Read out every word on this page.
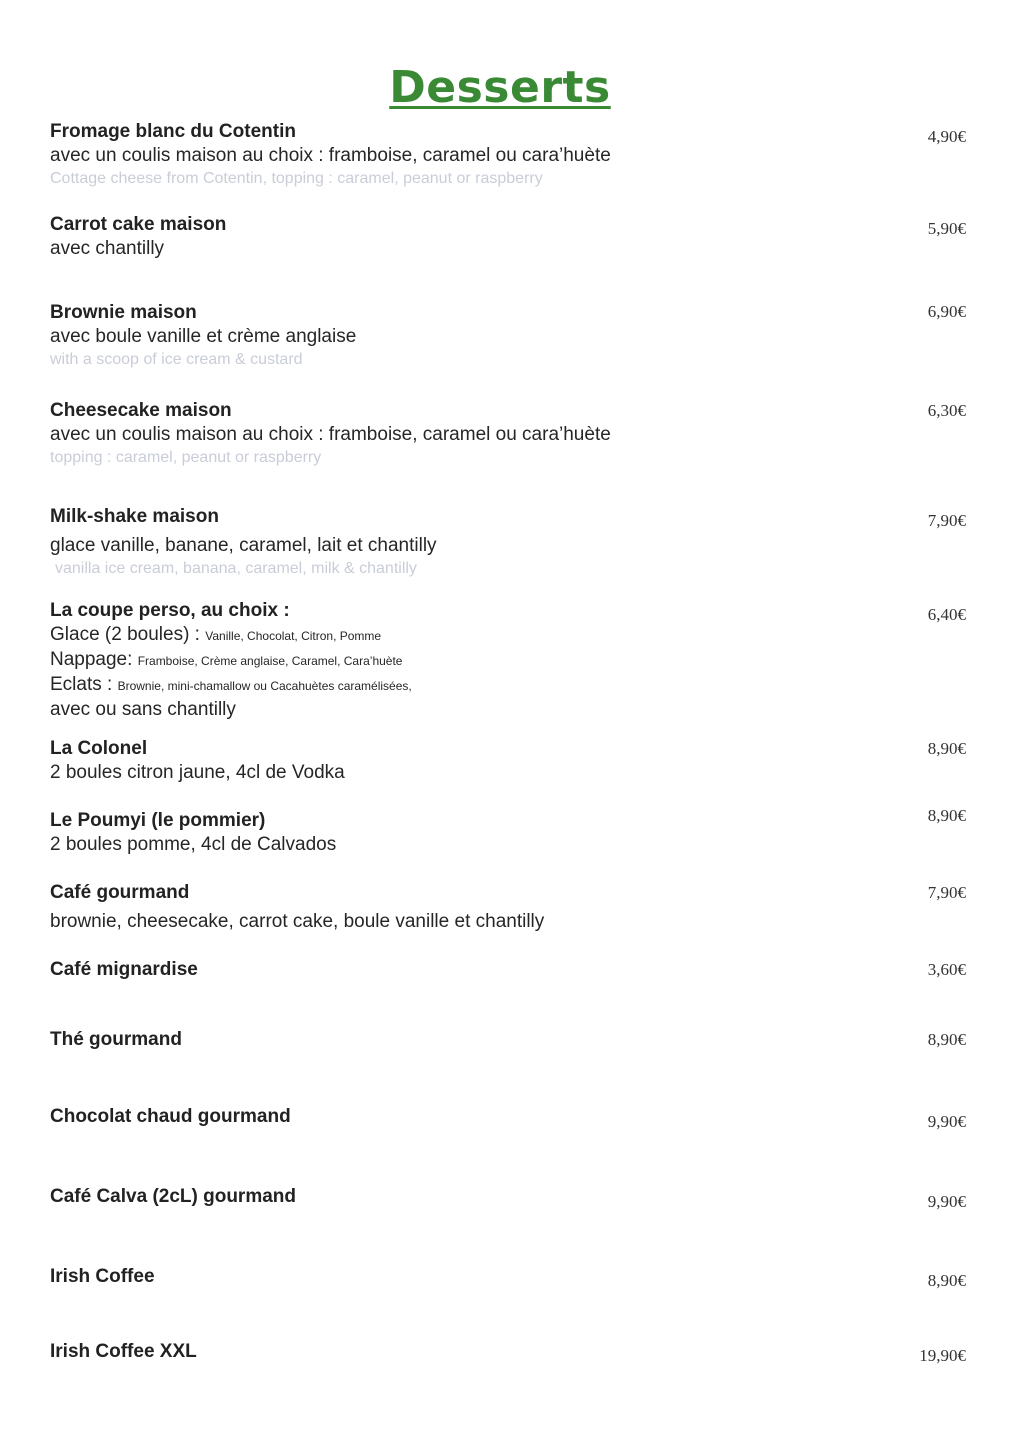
Desserts

Fromage blanc du Cotentin

avec un coulis maison au choix : framboise, caramel ou cara’huète

Cottage cheese from Cotentin, topping : caramel, peanut or raspberry

4,90€

Carrot cake maison

avec chantilly

5,90€

Brownie maison

avec boule vanille et crème anglaise

with a scoop of ice cream & custard

6,90€

Cheesecake maison

avec un coulis maison au choix : framboise, caramel ou cara’huète

topping : caramel, peanut or raspberry

6,30€

Milk-shake maison

glace vanille, banane, caramel, lait et chantilly

vanilla ice cream, banana, caramel, milk & chantilly

7,90€

La coupe perso, au choix :

Glace (2 boules) : Vanille, Chocolat, Citron, Pomme

Nappage: Framboise, Crème anglaise, Caramel, Cara’huète

Eclats : Brownie, mini-chamallow ou Cacahuètes caramélisées,

avec ou sans chantilly

6,40€

La Colonel

2 boules citron jaune, 4cl de Vodka

8,90€

Le Poumyi (le pommier)

2 boules pomme, 4cl de Calvados

8,90€

Café gourmand

brownie, cheesecake, carrot cake, boule vanille et chantilly

7,90€

Café mignardise	3,60€

Thé gourmand	8,90€

Chocolat chaud gourmand	9,90€

Café Calva (2cL) gourmand	9,90€

Irish Coffee	8,90€

Irish Coffee XXL	19,90€
